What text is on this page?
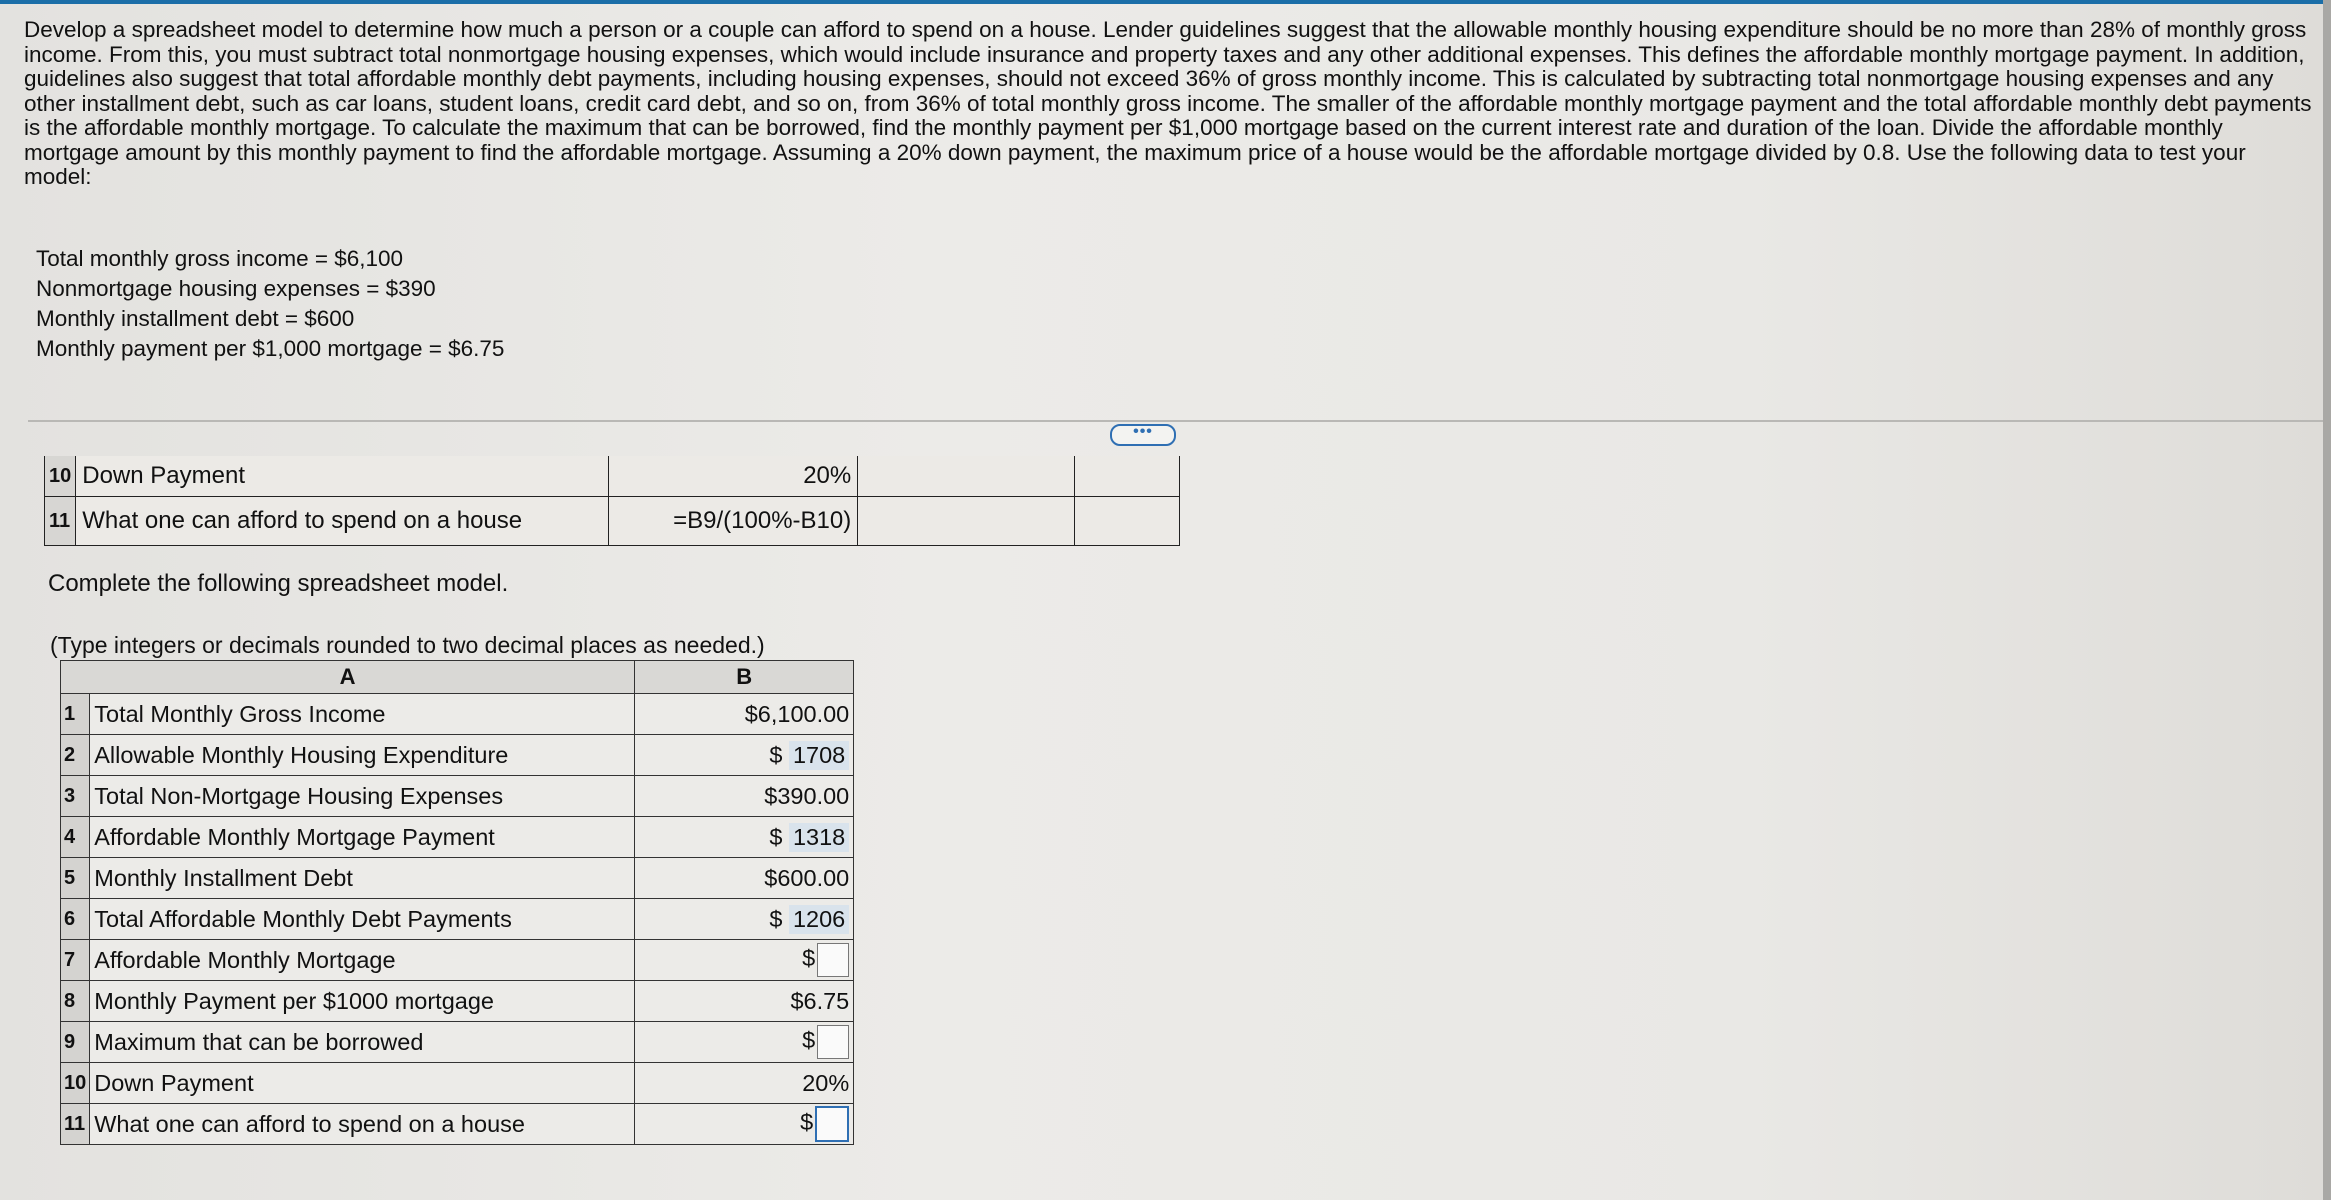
Develop a spreadsheet model to determine how much a person or a couple can afford to spend on a house. Lender guidelines suggest that the allowable monthly housing expenditure should be no more than 28% of monthly gross income. From this, you must subtract total nonmortgage housing expenses, which would include insurance and property taxes and any other additional expenses. This defines the affordable monthly mortgage payment. In addition, guidelines also suggest that total affordable monthly debt payments, including housing expenses, should not exceed 36% of gross monthly income. This is calculated by subtracting total nonmortgage housing expenses and any other installment debt, such as car loans, student loans, credit card debt, and so on, from 36% of total monthly gross income. The smaller of the affordable monthly mortgage payment and the total affordable monthly debt payments is the affordable monthly mortgage. To calculate the maximum that can be borrowed, find the monthly payment per $1,000 mortgage based on the current interest rate and duration of the loan. Divide the affordable monthly mortgage amount by this monthly payment to find the affordable mortgage. Assuming a 20% down payment, the maximum price of a house would be the affordable mortgage divided by 0.8. Use the following data to test your model:

Total monthly gross income = $6,100
Nonmortgage housing expenses = $390
Monthly installment debt = $600
Monthly payment per $1,000 mortgage = $6.75
•••
10	Down Payment	20%		
11	What one can afford to spend on a house	=B9/(100%-B10)		
Complete the following spreadsheet model.
(Type integers or decimals rounded to two decimal places as needed.)
A		B
1	Total Monthly Gross Income	$6,100.00
2	Allowable Monthly Housing Expenditure	$ 1708
3	Total Non-Mortgage Housing Expenses	$390.00
4	Affordable Monthly Mortgage Payment	$ 1318
5	Monthly Installment Debt	$600.00
6	Total Affordable Monthly Debt Payments	$ 1206
7	Affordable Monthly Mortgage	$
8	Monthly Payment per $1000 mortgage	$6.75
9	Maximum that can be borrowed	$
10	Down Payment	20%
11	What one can afford to spend on a house	$
